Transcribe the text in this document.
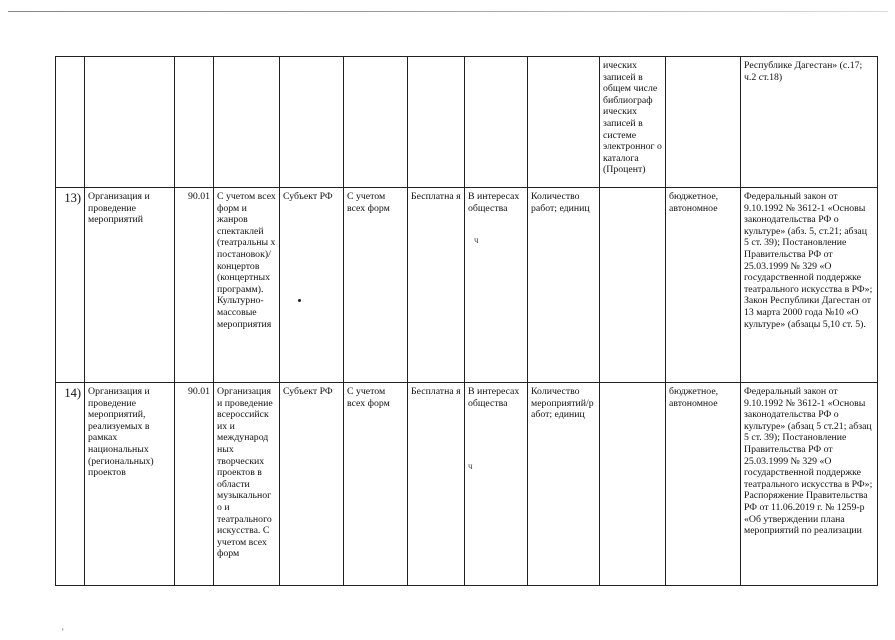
									ических записей в общем числе библиограф ических записей в системе электронног о каталога (Процент)		Республике Дагестан» (с.17; ч.2 ст.18)
13)	Организация и проведение мероприятий	90.01	С учетом всех форм и жанров спектаклей (театральны х постановок)/ концертов (концертных программ). Культурно-массовые мероприятия	Субъект РФ	С учетом всех форм	Бесплатна я	В интересах общества	Количество работ; единиц		бюджетное, автономное	Федеральный закон от 9.10.1992 № 3612-1 «Основы законодательства РФ о культуре» (абз. 5, ст.21; абзац 5 ст. 39); Постановление Правительства РФ от 25.03.1999 № 329 «О государственной поддержке театрального искусства в РФ»; Закон Республики Дагестан от 13 марта 2000 года №10 «О культуре» (абзацы 5,10 ст. 5).
14)	Организация и проведение мероприятий, реализуемых в рамках национальных (региональных) проектов	90.01	Организация и проведение всероссийск их и международ ных творческих проектов в области музыкальног о и театрального искусства. С учетом всех форм	Субъект РФ	С учетом всех форм	Бесплатна я	В интересах общества	Количество мероприятий/р абот; единиц		бюджетное, автономное	Федеральный закон от 9.10.1992 № 3612-1 «Основы законодательства РФ о культуре» (абзац 5 ст.21; абзац 5 ст. 39); Постановление Правительства РФ от 25.03.1999 № 329 «О государственной поддержке театрального искусства в РФ»; Распоряжение Правительства РФ от 11.06.2019 г. № 1259-р «Об утверждении плана мероприятий по реализации
ч
ч
'
